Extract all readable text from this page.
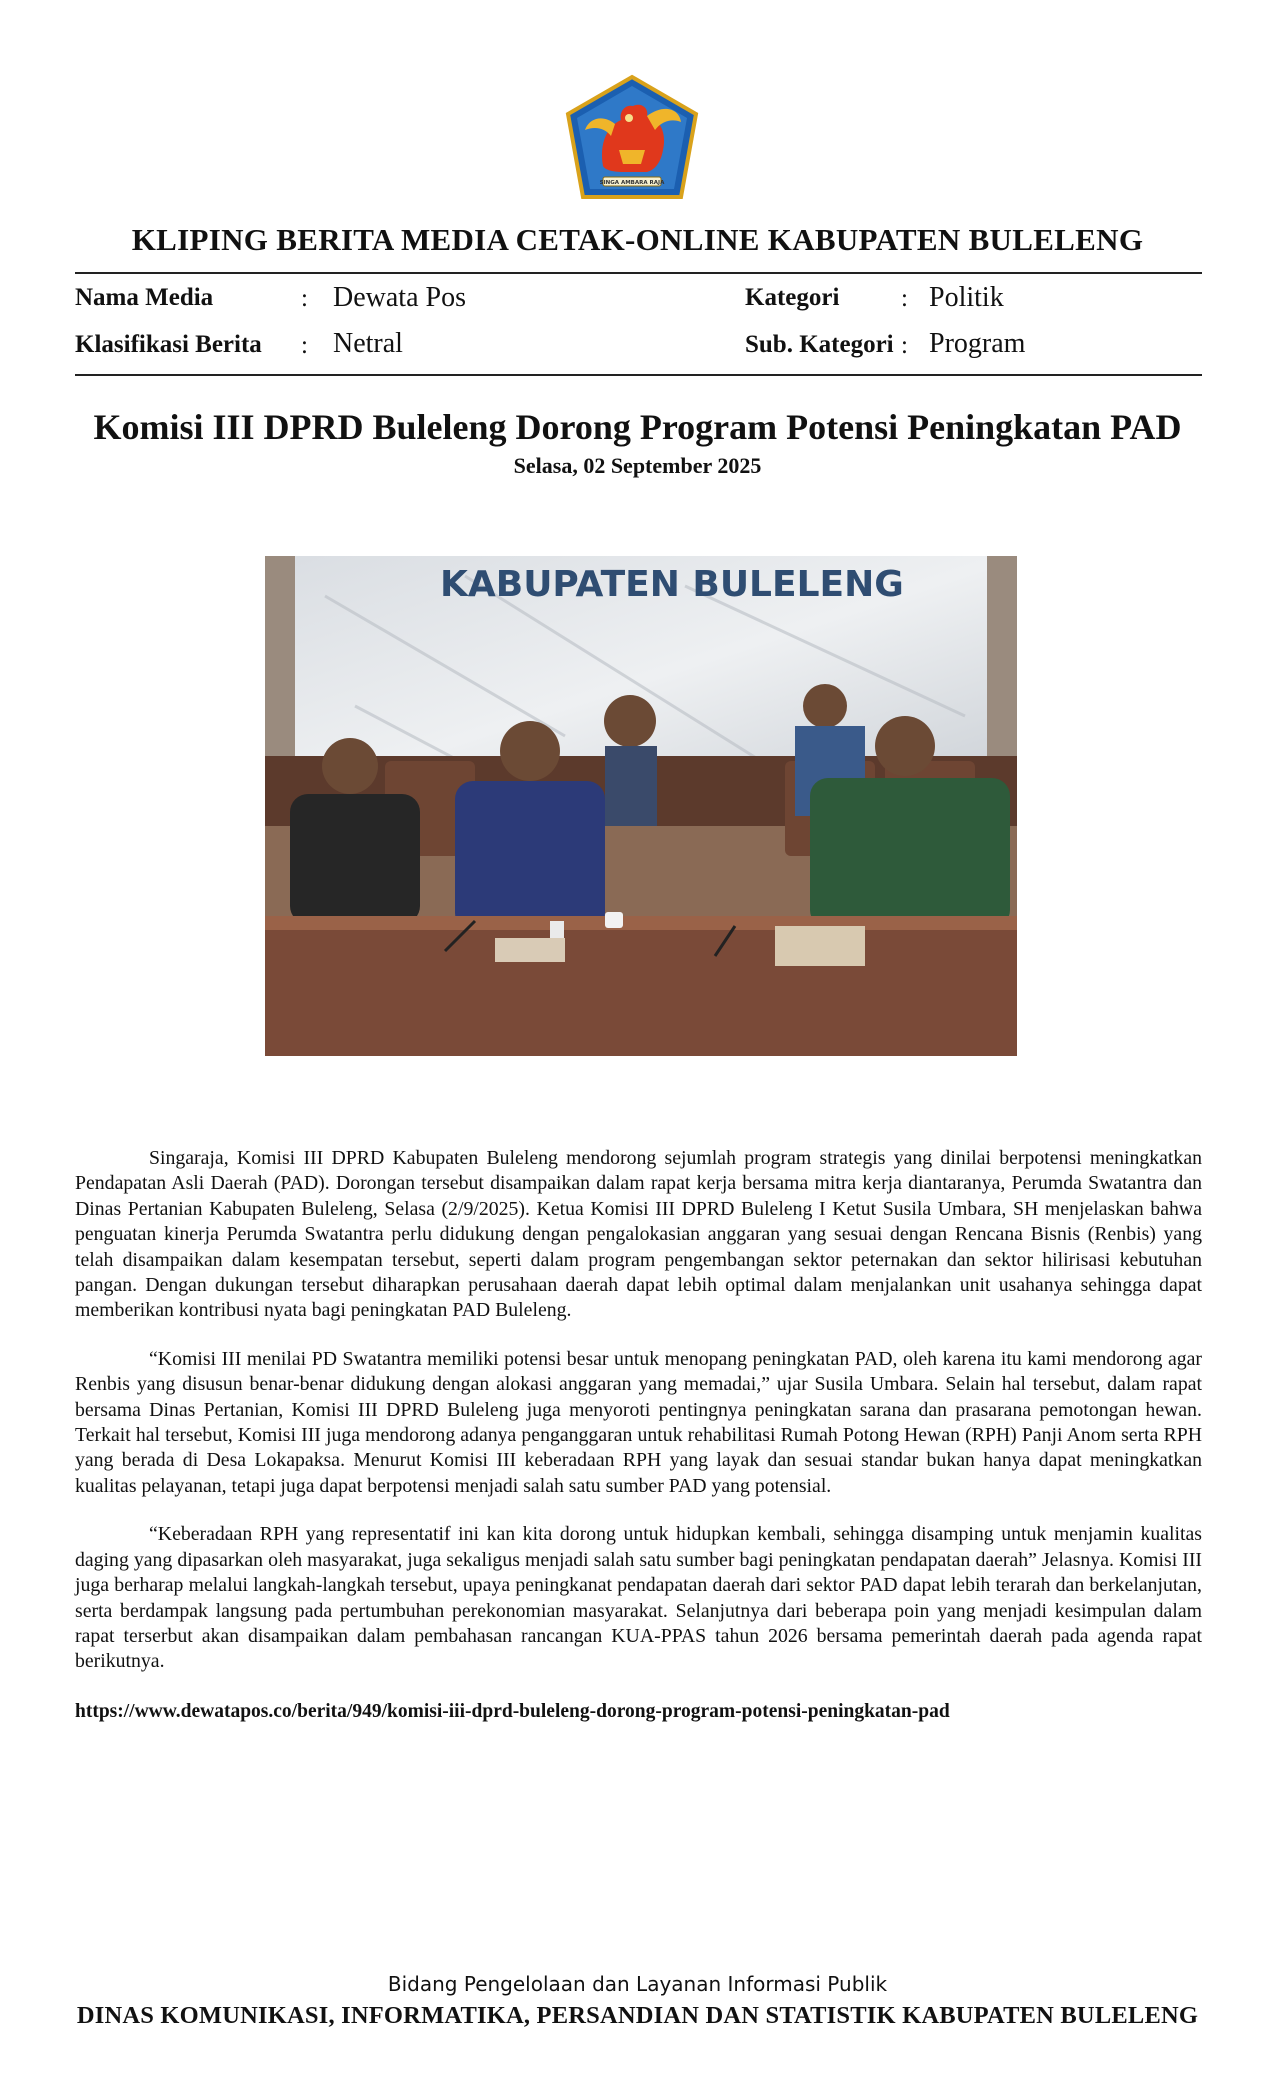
SINGA AMBARA RAJA
KLIPING BERITA MEDIA CETAK-ONLINE KABUPATEN BULELENG
Nama Media	: Dewata Pos	Kategori : Politik
Klasifikasi Berita : Netral	Sub. Kategori : Program
Komisi III DPRD Buleleng Dorong Program Potensi Peningkatan PAD
Selasa, 02 September 2025
KABUPATEN BULELENG

Singaraja, Komisi III DPRD Kabupaten Buleleng mendorong sejumlah program strategis yang dinilai berpotensi meningkatkan Pendapatan Asli Daerah (PAD). Dorongan tersebut disampaikan dalam rapat kerja bersama mitra kerja diantaranya, Perumda Swatantra dan Dinas Pertanian Kabupaten Buleleng, Selasa (2/9/2025). Ketua Komisi III DPRD Buleleng I Ketut Susila Umbara, SH menjelaskan bahwa penguatan kinerja Perumda Swatantra perlu didukung dengan pengalokasian anggaran yang sesuai dengan Rencana Bisnis (Renbis) yang telah disampaikan dalam kesempatan tersebut, seperti dalam program pengembangan sektor peternakan dan sektor hilirisasi kebutuhan pangan. Dengan dukungan tersebut diharapkan perusahaan daerah dapat lebih optimal dalam menjalankan unit usahanya sehingga dapat memberikan kontribusi nyata bagi peningkatan PAD Buleleng.

“Komisi III menilai PD Swatantra memiliki potensi besar untuk menopang peningkatan PAD, oleh karena itu kami mendorong agar Renbis yang disusun benar-benar didukung dengan alokasi anggaran yang memadai,” ujar Susila Umbara. Selain hal tersebut, dalam rapat bersama Dinas Pertanian, Komisi III DPRD Buleleng juga menyoroti pentingnya peningkatan sarana dan prasarana pemotongan hewan. Terkait hal tersebut, Komisi III juga mendorong adanya penganggaran untuk rehabilitasi Rumah Potong Hewan (RPH) Panji Anom serta RPH yang berada di Desa Lokapaksa. Menurut Komisi III keberadaan RPH yang layak dan sesuai standar bukan hanya dapat meningkatkan kualitas pelayanan, tetapi juga dapat berpotensi menjadi salah satu sumber PAD yang potensial.

“Keberadaan RPH yang representatif ini kan kita dorong untuk hidupkan kembali, sehingga disamping untuk menjamin kualitas daging yang dipasarkan oleh masyarakat, juga sekaligus menjadi salah satu sumber bagi peningkatan pendapatan daerah” Jelasnya. Komisi III juga berharap melalui langkah-langkah tersebut, upaya peningkanat pendapatan daerah dari sektor PAD dapat lebih terarah dan berkelanjutan, serta berdampak langsung pada pertumbuhan perekonomian masyarakat. Selanjutnya dari beberapa poin yang menjadi kesimpulan dalam rapat terserbut akan disampaikan dalam pembahasan rancangan KUA-PPAS tahun 2026 bersama pemerintah daerah pada agenda rapat berikutnya.

https://www.dewatapos.co/berita/949/komisi-iii-dprd-buleleng-dorong-program-potensi-peningkatan-pad
Bidang Pengelolaan dan Layanan Informasi Publik
DINAS KOMUNIKASI, INFORMATIKA, PERSANDIAN DAN STATISTIK KABUPATEN BULELENG
